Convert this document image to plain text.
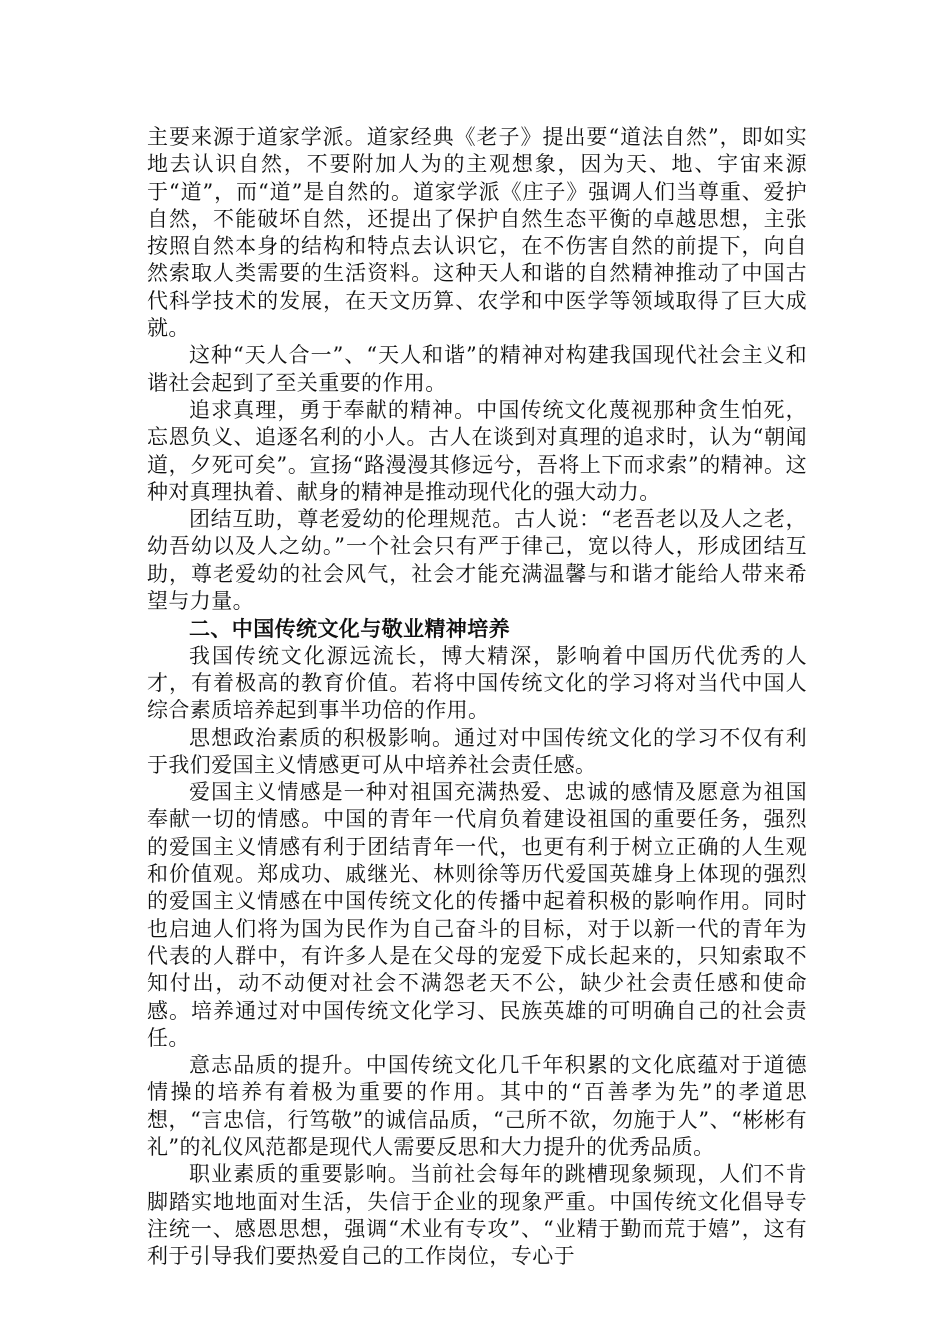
主要来源于道家学派。道家经典《老子》提出要“道法自然”，即如实地去认识自然，不要附加人为的主观想象，因为天、地、宇宙来源于“道”，而“道”是自然的。道家学派《庄子》强调人们当尊重、爱护自然，不能破坏自然，还提出了保护自然生态平衡的卓越思想，主张按照自然本身的结构和特点去认识它，在不伤害自然的前提下，向自然索取人类需要的生活资料。这种天人和谐的自然精神推动了中国古代科学技术的发展，在天文历算、农学和中医学等领域取得了巨大成就。

这种“天人合一”、“天人和谐”的精神对构建我国现代社会主义和谐社会起到了至关重要的作用。

追求真理，勇于奉献的精神。中国传统文化蔑视那种贪生怕死，忘恩负义、追逐名利的小人。古人在谈到对真理的追求时，认为“朝闻道，夕死可矣”。宣扬“路漫漫其修远兮，吾将上下而求索”的精神。这种对真理执着、献身的精神是推动现代化的强大动力。

团结互助，尊老爱幼的伦理规范。古人说：“老吾老以及人之老，幼吾幼以及人之幼。”一个社会只有严于律己，宽以待人，形成团结互助，尊老爱幼的社会风气，社会才能充满温馨与和谐才能给人带来希望与力量。

二、中国传统文化与敬业精神培养

我国传统文化源远流长，博大精深，影响着中国历代优秀的人才，有着极高的教育价值。若将中国传统文化的学习将对当代中国人综合素质培养起到事半功倍的作用。

思想政治素质的积极影响。通过对中国传统文化的学习不仅有利于我们爱国主义情感更可从中培养社会责任感。

爱国主义情感是一种对祖国充满热爱、忠诚的感情及愿意为祖国奉献一切的情感。中国的青年一代肩负着建设祖国的重要任务，强烈的爱国主义情感有利于团结青年一代，也更有利于树立正确的人生观和价值观。郑成功、戚继光、林则徐等历代爱国英雄身上体现的强烈的爱国主义情感在中国传统文化的传播中起着积极的影响作用。同时也启迪人们将为国为民作为自己奋斗的目标，对于以新一代的青年为代表的人群中，有许多人是在父母的宠爱下成长起来的，只知索取不知付出，动不动便对社会不满怨老天不公，缺少社会责任感和使命感。培养通过对中国传统文化学习、民族英雄的可明确自己的社会责任。

意志品质的提升。中国传统文化几千年积累的文化底蕴对于道德情操的培养有着极为重要的作用。其中的“百善孝为先”的孝道思想，“言忠信，行笃敬”的诚信品质，“己所不欲，勿施于人”、“彬彬有礼”的礼仪风范都是现代人需要反思和大力提升的优秀品质。

职业素质的重要影响。当前社会每年的跳槽现象频现，人们不肯脚踏实地地面对生活，失信于企业的现象严重。中国传统文化倡导专注统一、感恩思想，强调“术业有专攻”、“业精于勤而荒于嬉”，这有利于引导我们要热爱自己的工作岗位，专心于
